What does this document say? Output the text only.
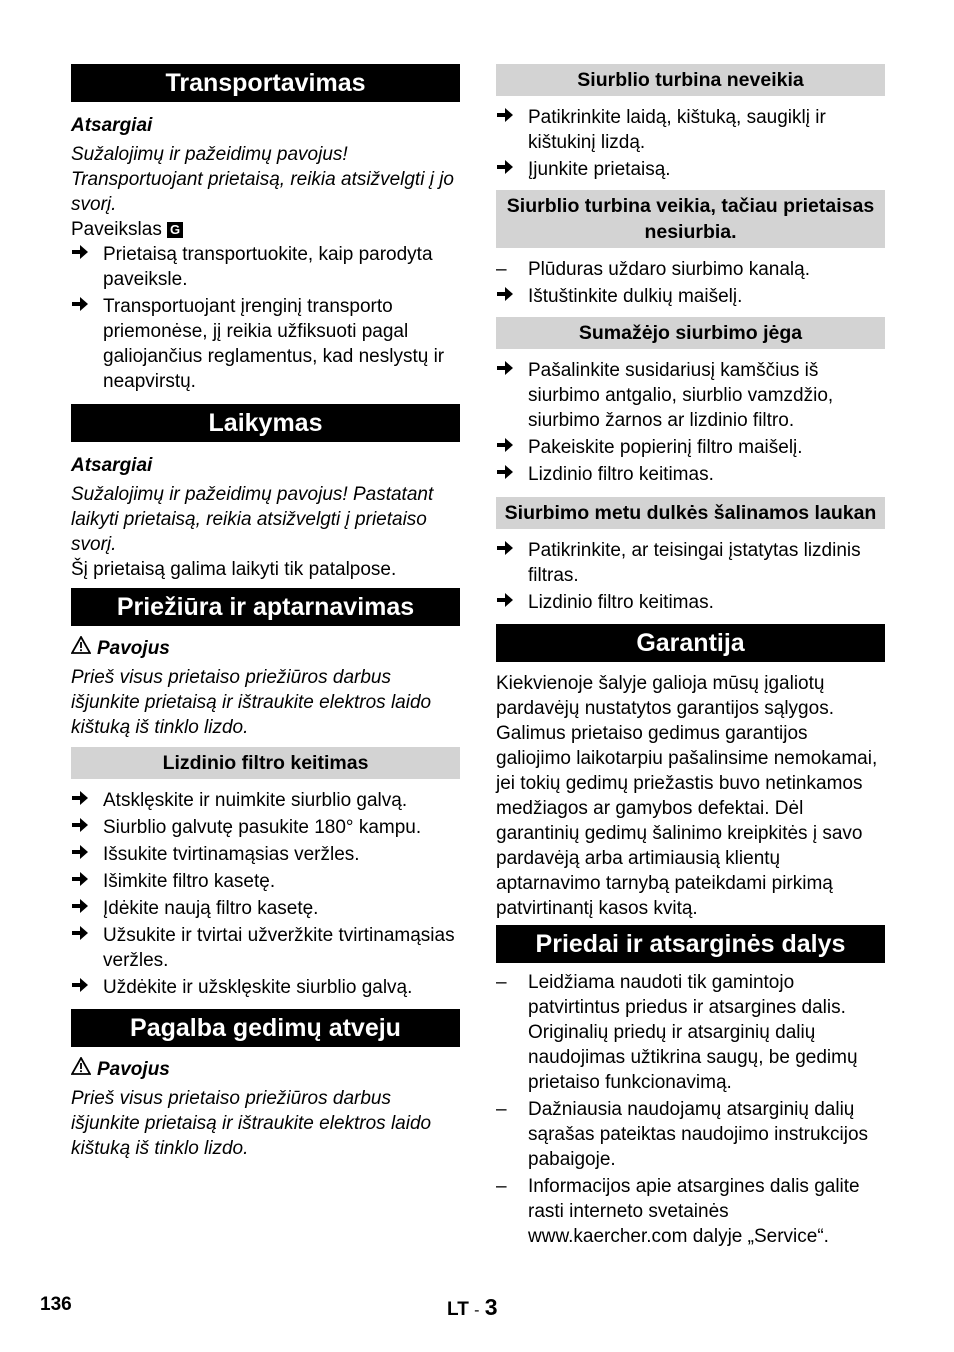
Transportavimas

Atsargiai

Sužalojimų ir pažeidimų pavojus! Transportuojant prietaisą, reikia atsižvelgti į jo svorį.

Paveikslas G

Prietaisą transportuokite, kaip parodyta paveiksle.
Transportuojant įrenginį transporto priemonėse, jį reikia užfiksuoti pagal galiojančius reglamentus, kad neslystų ir neapvirstų.
Laikymas

Atsargiai

Sužalojimų ir pažeidimų pavojus! Pastatant laikyti prietaisą, reikia atsižvelgti į prietaiso svorį.

Šį prietaisą galima laikyti tik patalpose.

Priežiūra ir aptarnavimas

Pavojus

Prieš visus prietaiso priežiūros darbus išjunkite prietaisą ir ištraukite elektros laido kištuką iš tinklo lizdo.

Lizdinio filtro keitimas
Atsklęskite ir nuimkite siurblio galvą.
Siurblio galvutę pasukite 180° kampu.
Išsukite tvirtinamąsias veržles.
Išimkite filtro kasetę.
Įdėkite naują filtro kasetę.
Užsukite ir tvirtai užveržkite tvirtinamąsias veržles.
Uždėkite ir užsklęskite siurblio galvą.
Pagalba gedimų atveju

Pavojus

Prieš visus prietaiso priežiūros darbus išjunkite prietaisą ir ištraukite elektros laido kištuką iš tinklo lizdo.

Siurblio turbina neveikia
Patikrinkite laidą, kištuką, saugiklį ir kištukinį lizdą.
Įjunkite prietaisą.
Siurblio turbina veikia, tačiau prietaisas nesiurbia.
–	Plūduras uždaro siurbimo kanalą.
Ištuštinkite dulkių maišelį.
Sumažėjo siurbimo jėga
Pašalinkite susidariusį kamščius iš siurbimo antgalio, siurblio vamzdžio, siurbimo žarnos ar lizdinio filtro.
Pakeiskite popierinį filtro maišelį.
Lizdinio filtro keitimas.
Siurbimo metu dulkės šalinamos laukan
Patikrinkite, ar teisingai įstatytas lizdinis filtras.
Lizdinio filtro keitimas.
Garantija

Kiekvienoje šalyje galioja mūsų įgaliotų pardavėjų nustatytos garantijos sąlygos. Galimus prietaiso gedimus garantijos galiojimo laikotarpiu pašalinsime nemokamai, jei tokių gedimų priežastis buvo netinkamos medžiagos ar gamybos defektai. Dėl garantinių gedimų šalinimo kreipkitės į savo pardavėją arba artimiausią klientų aptarnavimo tarnybą pateikdami pirkimą patvirtinantį kasos kvitą.

Priedai ir atsarginės dalys
–	Leidžiama naudoti tik gamintojo patvirtintus priedus ir atsargines dalis. Originalių priedų ir atsarginių dalių naudojimas užtikrina saugų, be gedimų prietaiso funkcionavimą.
–	Dažniausia naudojamų atsarginių dalių sąrašas pateiktas naudojimo instrukcijos pabaigoje.
–	Informacijos apie atsargines dalis galite rasti interneto svetainės www.kaercher.com dalyje „Service“.
136	LT - 3
